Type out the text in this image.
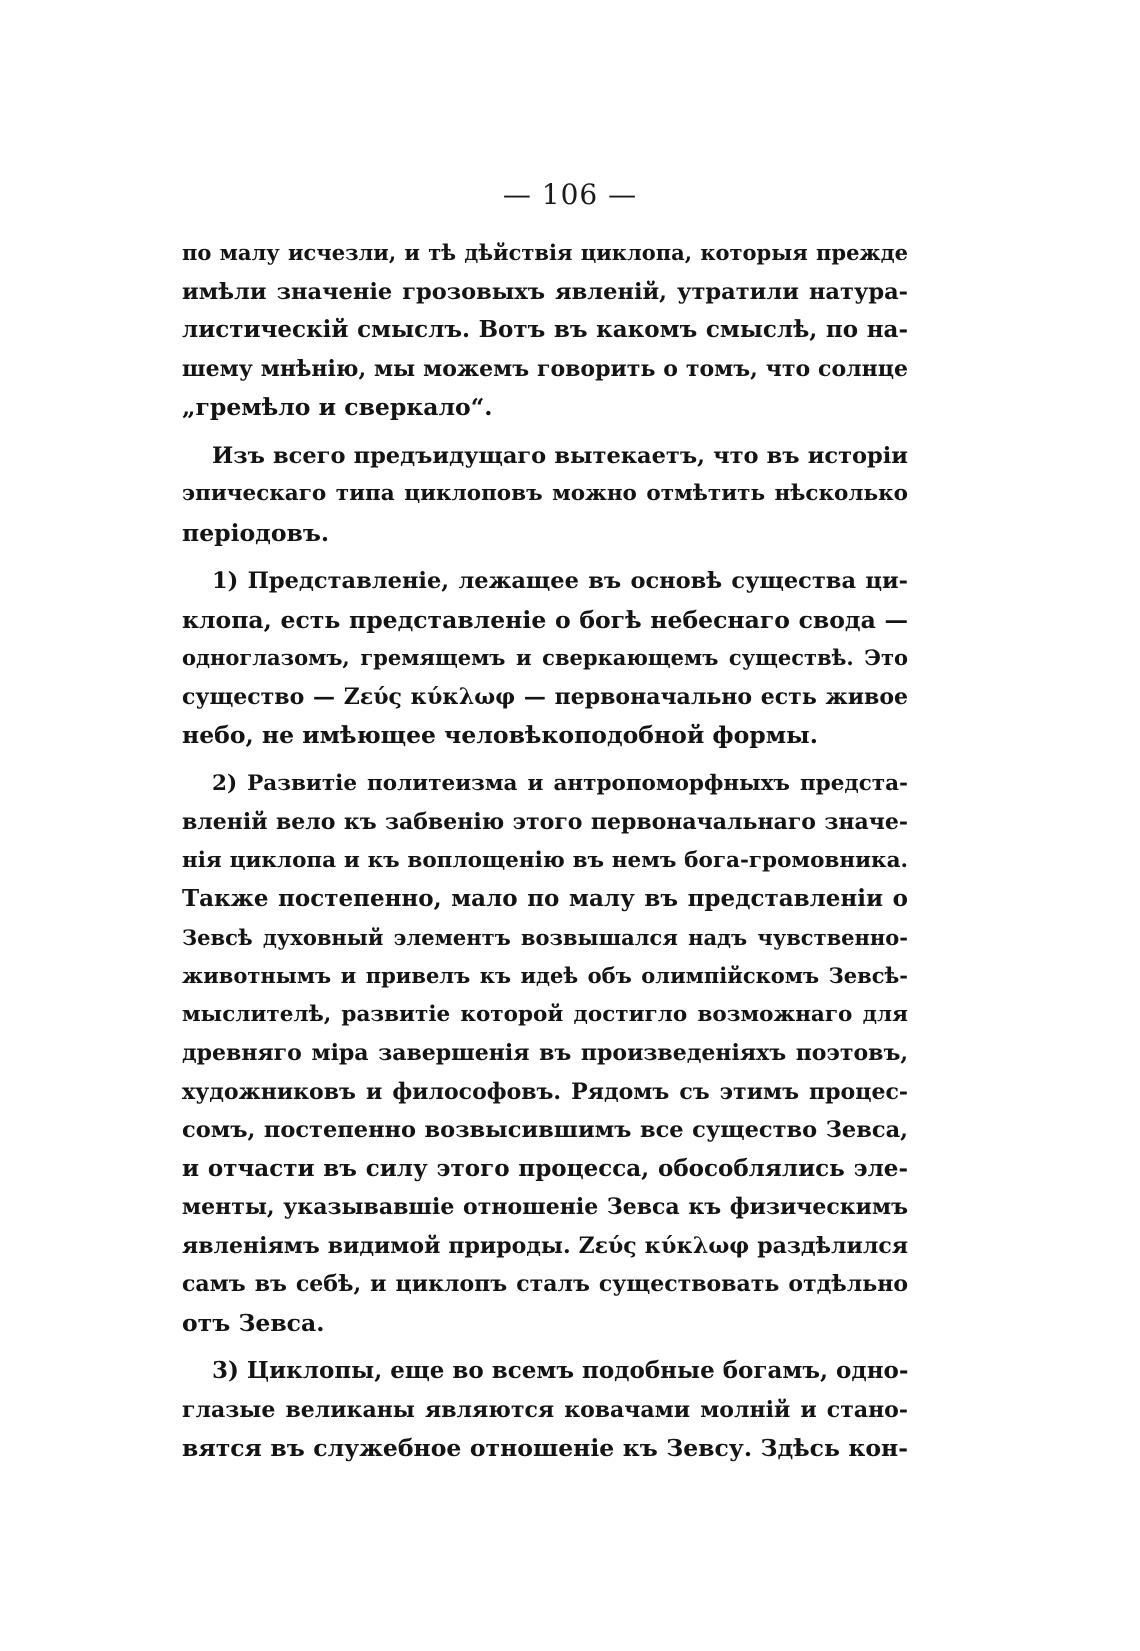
— 106 —
по малу исчезли, и тѣ дѣйствія циклопа, которыя прежде
имѣли значеніе грозовыхъ явленій, утратили натура-
листическій смыслъ. Вотъ въ какомъ смыслѣ, по на-
шему мнѣнію, мы можемъ говорить о томъ, что солнце
„гремѣло и сверкало“.
Изъ всего предъидущаго вытекаетъ, что въ исторіи
эпическаго типа циклоповъ можно отмѣтить нѣсколько
періодовъ.
1) Представленіе, лежащее въ основѣ существа ци-
клопа, есть представленіе о богѣ небеснаго свода —
одноглазомъ, гремящемъ и сверкающемъ существѣ. Это
существо — Ζεύς κύκλωφ — первоначально есть живое
небо, не имѣющее человѣкоподобной формы.
2) Развитіе политеизма и антропоморфныхъ предста-
вленій вело къ забвенію этого первоначальнаго значе-
нія циклопа и къ воплощенію въ немъ бога-громовника.
Также постепенно, мало по малу въ представленіи о
Зевсѣ духовный элементъ возвышался надъ чувственно-
животнымъ и привелъ къ идеѣ объ олимпійскомъ Зевсѣ-
мыслителѣ, развитіе которой достигло возможнаго для
древняго міра завершенія въ произведеніяхъ поэтовъ,
художниковъ и философовъ. Рядомъ съ этимъ процес-
сомъ, постепенно возвысившимъ все существо Зевса,
и отчасти въ силу этого процесса, обособлялись эле-
менты, указывавшіе отношеніе Зевса къ физическимъ
явленіямъ видимой природы. Ζεύς κύκλωφ раздѣлился
самъ въ себѣ, и циклопъ сталъ существовать отдѣльно
отъ Зевса.
3) Циклопы, еще во всемъ подобные богамъ, одно-
глазые великаны являются ковачами молній и стано-
вятся въ служебное отношеніе къ Зевсу. Здѣсь кон-
